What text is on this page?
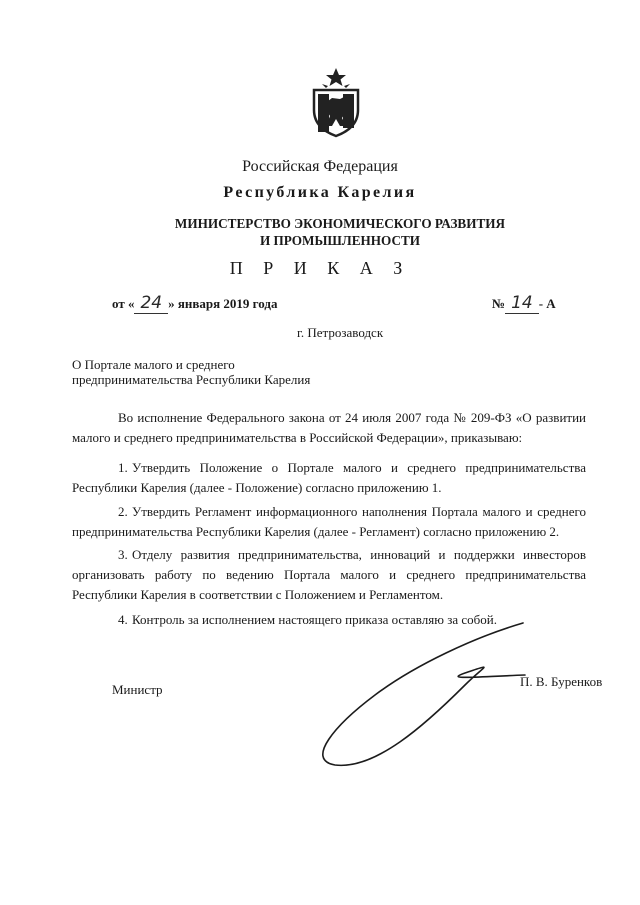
Российская Федерация
Республика Карелия
МИНИСТЕРСТВО ЭКОНОМИЧЕСКОГО РАЗВИТИЯ
И ПРОМЫШЛЕННОСТИ
П Р И К А З
от « 24 » января 2019 года	№ 14 - А
г. Петрозаводск
О Портале малого и среднего
предпринимательства Республики Карелия
Во исполнение Федерального закона от 24 июля 2007 года № 209-ФЗ «О развитии малого и среднего предпринимательства в Российской Федерации», приказываю:
1. Утвердить Положение о Портале малого и среднего предпринимательства Республики Карелия (далее - Положение) согласно приложению 1.
2. Утвердить Регламент информационного наполнения Портала малого и среднего предпринимательства Республики Карелия (далее - Регламент) согласно приложению 2.
3. Отделу развития предпринимательства, инноваций и поддержки инвесторов организовать работу по ведению Портала малого и среднего предпринимательства Республики Карелия в соответствии с Положением и Регламентом.
4. Контроль за исполнением настоящего приказа оставляю за собой.
Министр
П. В. Буренков
